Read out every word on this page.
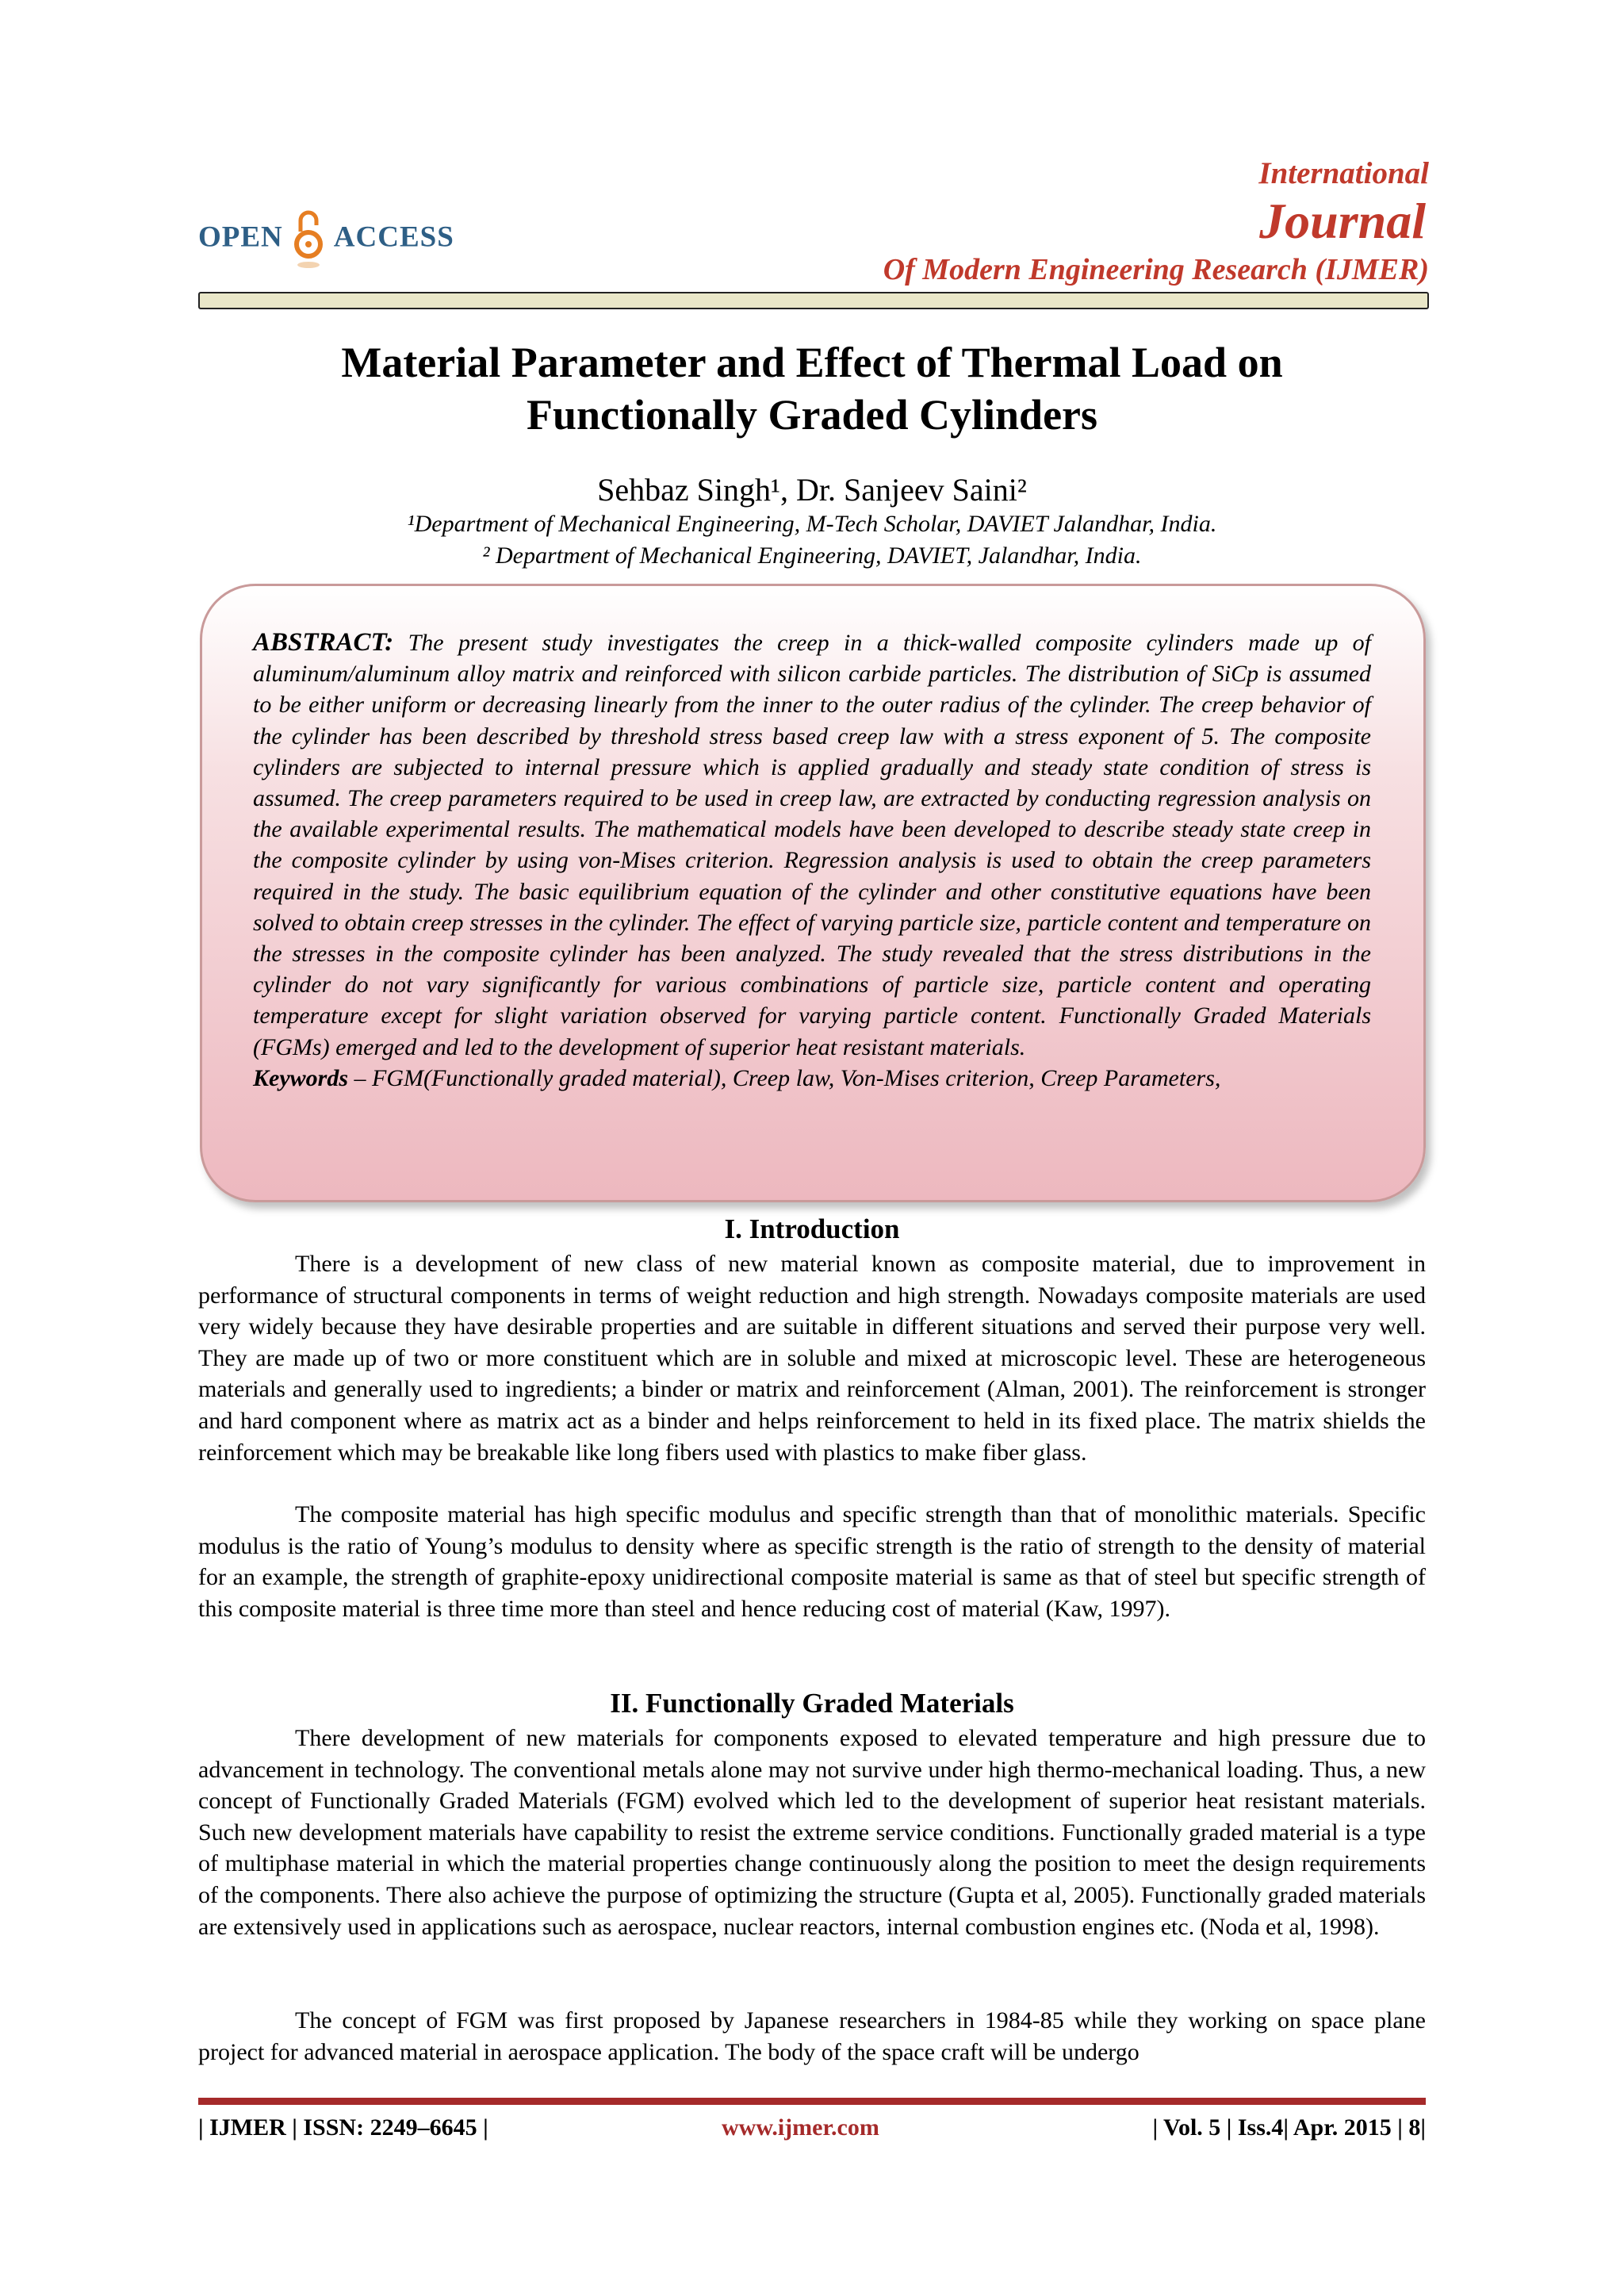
OPEN ACCESS
International
Journal
Of Modern Engineering Research (IJMER)
Material Parameter and Effect of Thermal Load on
Functionally Graded Cylinders
Sehbaz Singh¹, Dr. Sanjeev Saini²
¹Department of Mechanical Engineering, M-Tech Scholar, DAVIET Jalandhar, India.
² Department of Mechanical Engineering, DAVIET, Jalandhar, India.

ABSTRACT: The present study investigates the creep in a thick-walled composite cylinders made up of aluminum/aluminum alloy matrix and reinforced with silicon carbide particles. The distribution of SiCp is assumed to be either uniform or decreasing linearly from the inner to the outer radius of the cylinder. The creep behavior of the cylinder has been described by threshold stress based creep law with a stress exponent of 5. The composite cylinders are subjected to internal pressure which is applied gradually and steady state condition of stress is assumed. The creep parameters required to be used in creep law, are extracted by conducting regression analysis on the available experimental results. The mathematical models have been developed to describe steady state creep in the composite cylinder by using von-Mises criterion. Regression analysis is used to obtain the creep parameters required in the study. The basic equilibrium equation of the cylinder and other constitutive equations have been solved to obtain creep stresses in the cylinder. The effect of varying particle size, particle content and temperature on the stresses in the composite cylinder has been analyzed. The study revealed that the stress distributions in the cylinder do not vary significantly for various combinations of particle size, particle content and operating temperature except for slight variation observed for varying particle content. Functionally Graded Materials (FGMs) emerged and led to the development of superior heat resistant materials.

Keywords – FGM(Functionally graded material), Creep law, Von-Mises criterion, Creep Parameters,

I. Introduction

There is a development of new class of new material known as composite material, due to improvement in performance of structural components in terms of weight reduction and high strength. Nowadays composite materials are used very widely because they have desirable properties and are suitable in different situations and served their purpose very well. They are made up of two or more constituent which are in soluble and mixed at microscopic level. These are heterogeneous materials and generally used to ingredients; a binder or matrix and reinforcement (Alman, 2001). The reinforcement is stronger and hard component where as matrix act as a binder and helps reinforcement to held in its fixed place. The matrix shields the reinforcement which may be breakable like long fibers used with plastics to make fiber glass.

The composite material has high specific modulus and specific strength than that of monolithic materials. Specific modulus is the ratio of Young’s modulus to density where as specific strength is the ratio of strength to the density of material for an example, the strength of graphite-epoxy unidirectional composite material is same as that of steel but specific strength of this composite material is three time more than steel and hence reducing cost of material (Kaw, 1997).

II. Functionally Graded Materials

There development of new materials for components exposed to elevated temperature and high pressure due to advancement in technology. The conventional metals alone may not survive under high thermo-mechanical loading. Thus, a new concept of Functionally Graded Materials (FGM) evolved which led to the development of superior heat resistant materials. Such new development materials have capability to resist the extreme service conditions. Functionally graded material is a type of multiphase material in which the material properties change continuously along the position to meet the design requirements of the components. There also achieve the purpose of optimizing the structure (Gupta et al, 2005). Functionally graded materials are extensively used in applications such as aerospace, nuclear reactors, internal combustion engines etc. (Noda et al, 1998).

The concept of FGM was first proposed by Japanese researchers in 1984-85 while they working on space plane project for advanced material in aerospace application. The body of the space craft will be undergo

| IJMER | ISSN: 2249–6645 |	www.ijmer.com	| Vol. 5 | Iss.4| Apr. 2015 | 8|
